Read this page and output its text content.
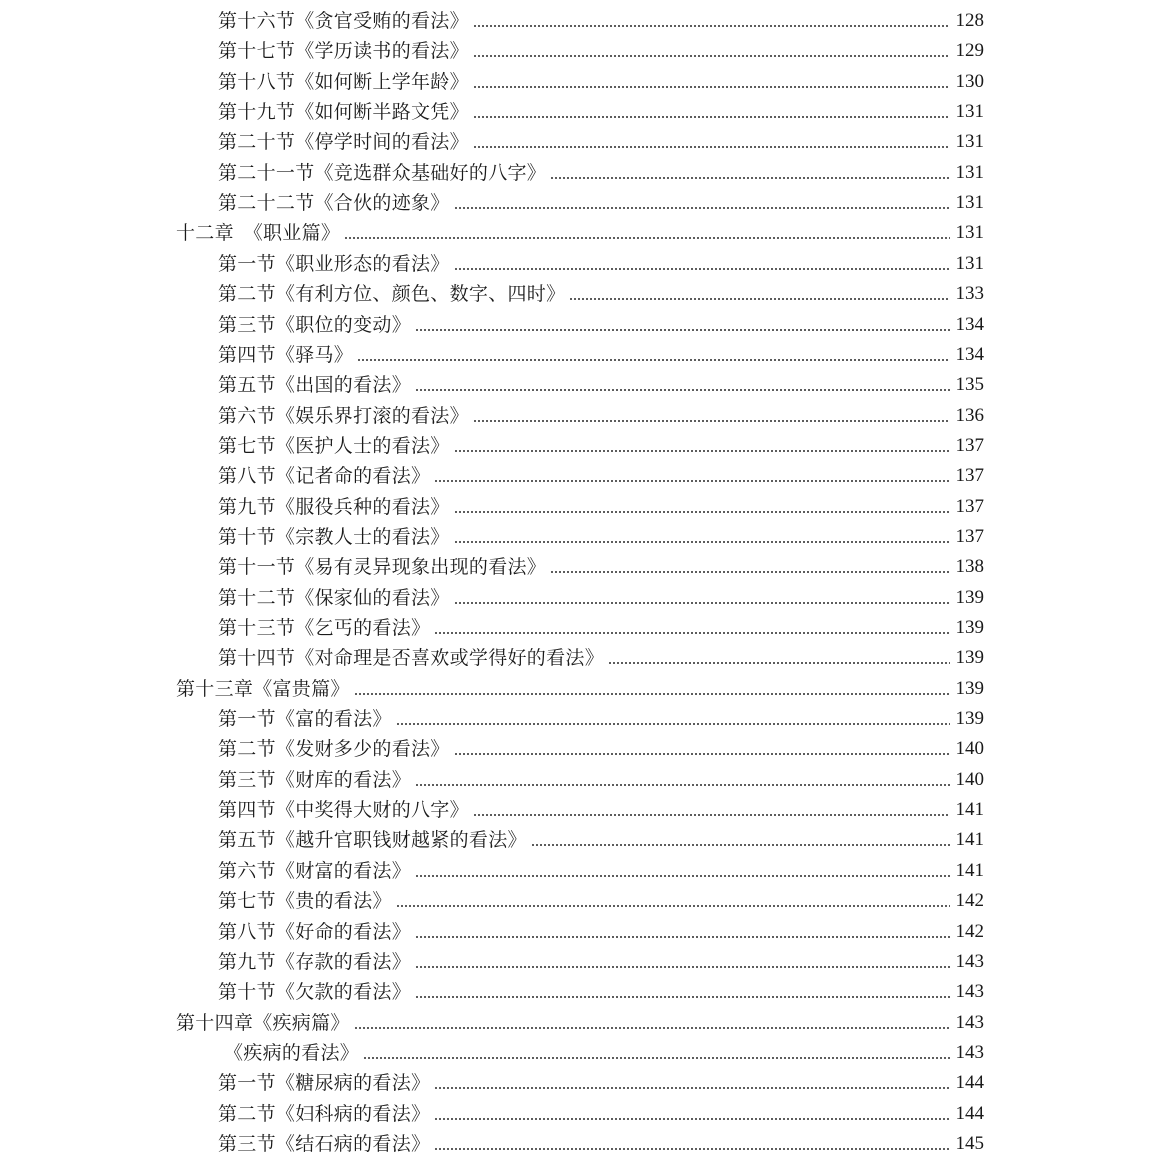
第十六节《贪官受贿的看法》	128
第十七节《学历读书的看法》	129
第十八节《如何断上学年龄》	130
第十九节《如何断半路文凭》	131
第二十节《停学时间的看法》	131
第二十一节《竞选群众基础好的八字》	131
第二十二节《合伙的迹象》	131
十二章　《职业篇》	131
第一节《职业形态的看法》	131
第二节《有利方位、颜色、数字、四时》	133
第三节《职位的变动》	134
第四节《驿马》	134
第五节《出国的看法》	135
第六节《娱乐界打滚的看法》	136
第七节《医护人士的看法》	137
第八节《记者命的看法》	137
第九节《服役兵种的看法》	137
第十节《宗教人士的看法》	137
第十一节《易有灵异现象出现的看法》	138
第十二节《保家仙的看法》	139
第十三节《乞丐的看法》	139
第十四节《对命理是否喜欢或学得好的看法》	139
第十三章《富贵篇》	139
第一节《富的看法》	139
第二节《发财多少的看法》	140
第三节《财库的看法》	140
第四节《中奖得大财的八字》	141
第五节《越升官职钱财越紧的看法》	141
第六节《财富的看法》	141
第七节《贵的看法》	142
第八节《好命的看法》	142
第九节《存款的看法》	143
第十节《欠款的看法》	143
第十四章《疾病篇》	143
《疾病的看法》	143
第一节《糖尿病的看法》	144
第二节《妇科病的看法》	144
第三节《结石病的看法》	145
